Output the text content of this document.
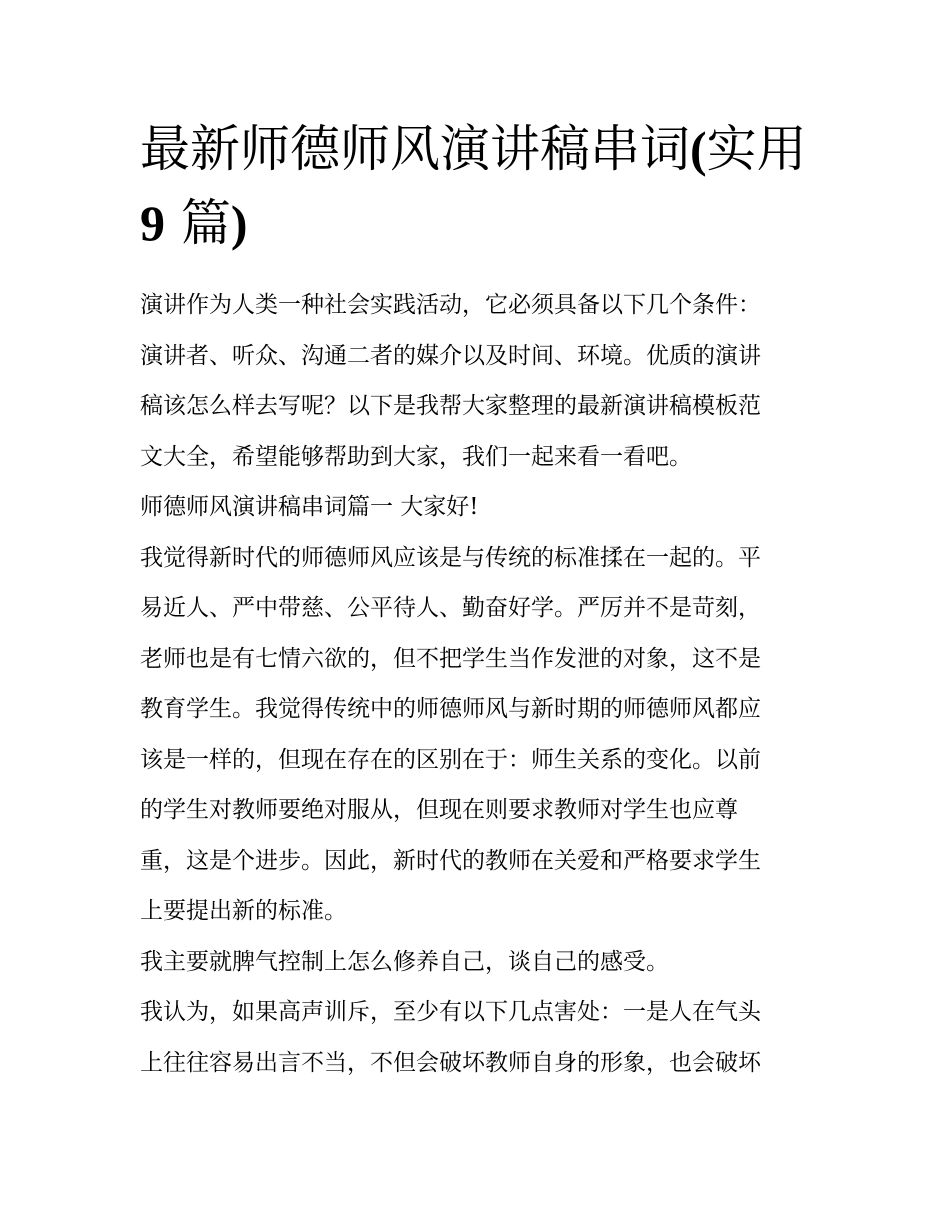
最新师德师风演讲稿串词(实用
9 篇)

演讲作为人类一种社会实践活动，它必须具备以下几个条件：
演讲者、听众、沟通二者的媒介以及时间、环境。优质的演讲
稿该怎么样去写呢？以下是我帮大家整理的最新演讲稿模板范
文大全，希望能够帮助到大家，我们一起来看一看吧。

师德师风演讲稿串词篇一 大家好!

我觉得新时代的师德师风应该是与传统的标准揉在一起的。平
易近人、严中带慈、公平待人、勤奋好学。严厉并不是苛刻，
老师也是有七情六欲的，但不把学生当作发泄的对象，这不是
教育学生。我觉得传统中的师德师风与新时期的师德师风都应
该是一样的，但现在存在的区别在于：师生关系的变化。以前
的学生对教师要绝对服从，但现在则要求教师对学生也应尊
重，这是个进步。因此，新时代的教师在关爱和严格要求学生
上要提出新的标准。

我主要就脾气控制上怎么修养自己，谈自己的感受。

我认为，如果高声训斥，至少有以下几点害处：一是人在气头
上往往容易出言不当，不但会破坏教师自身的形象，也会破坏
